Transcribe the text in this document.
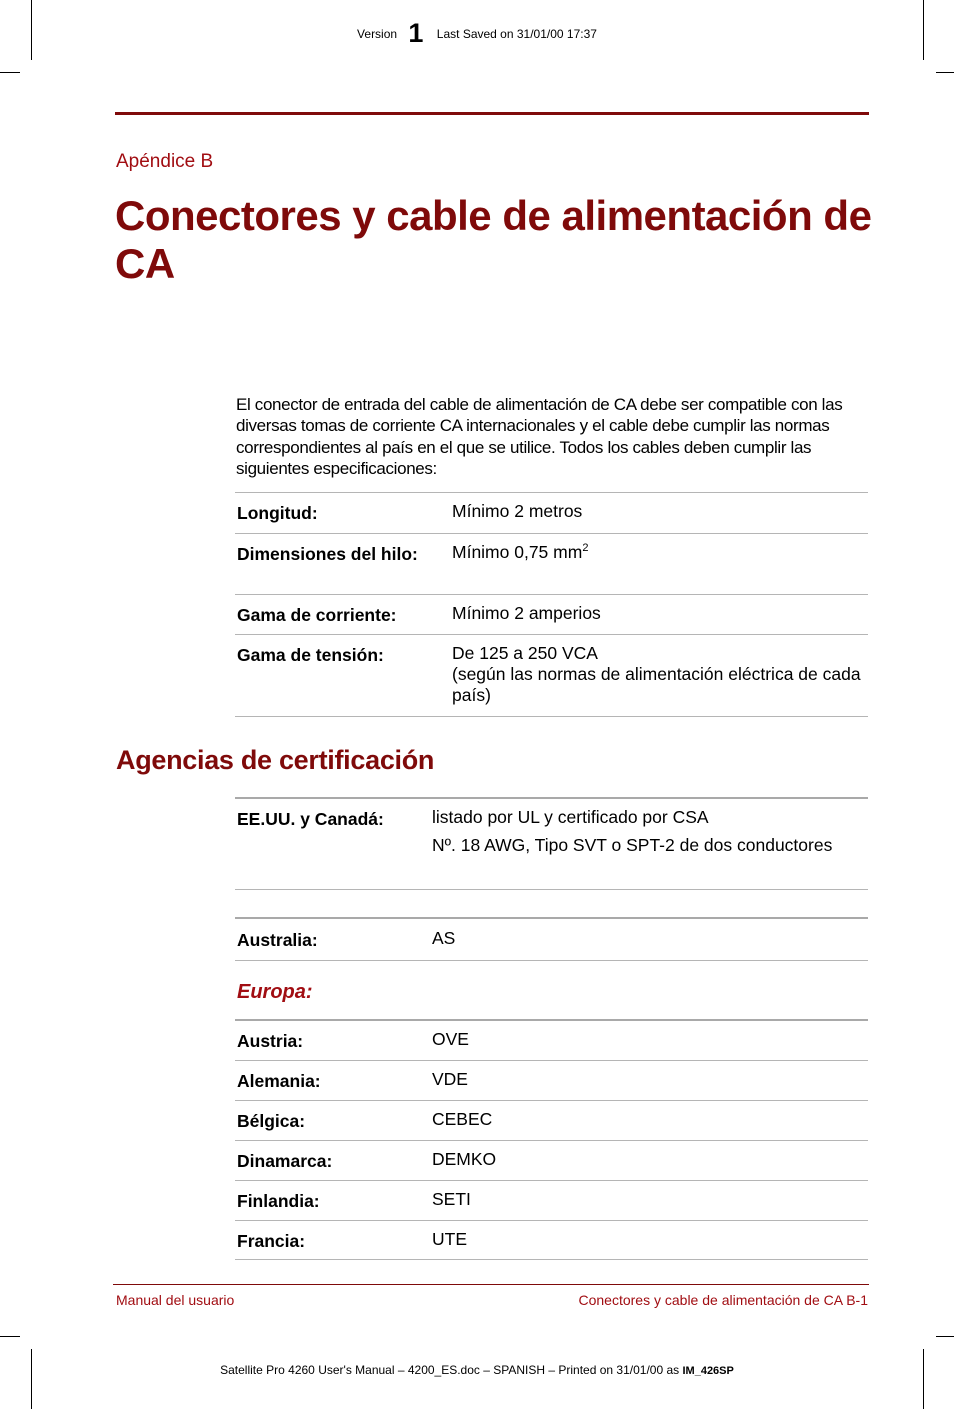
Version 1 Last Saved on 31/01/00 17:37
Apéndice B
Conectores y cable de alimentación de CA

El conector de entrada del cable de alimentación de CA debe ser compatible con las diversas tomas de corriente CA internacionales y el cable debe cumplir las normas correspondientes al país en el que se utilice. Todos los cables deben cumplir las siguientes especificaciones:

Longitud:	Mínimo 2 metros
Dimensiones del hilo:	Mínimo 0,75 $mm^2$
Gama de corriente:	Mínimo 2 amperios
Gama de tensión:	De 125 a 250 VCA
(según las normas de alimentación eléctrica de cada país)
Agencias de certificación
EE.UU. y Canadá:	listado por UL y certificado por CSA
Nº. 18 AWG, Tipo SVT o SPT-2 de dos conductores
Australia:	AS
Europa:
Austria:	OVE
Alemania:	VDE
Bélgica:	CEBEC
Dinamarca:	DEMKO
Finlandia:	SETI
Francia:	UTE
Manual del usuario	Conectores y cable de alimentación de CA B-1
Satellite Pro 4260 User's Manual – 4200_ES.doc – SPANISH – Printed on 31/01/00 as IM_426SP
